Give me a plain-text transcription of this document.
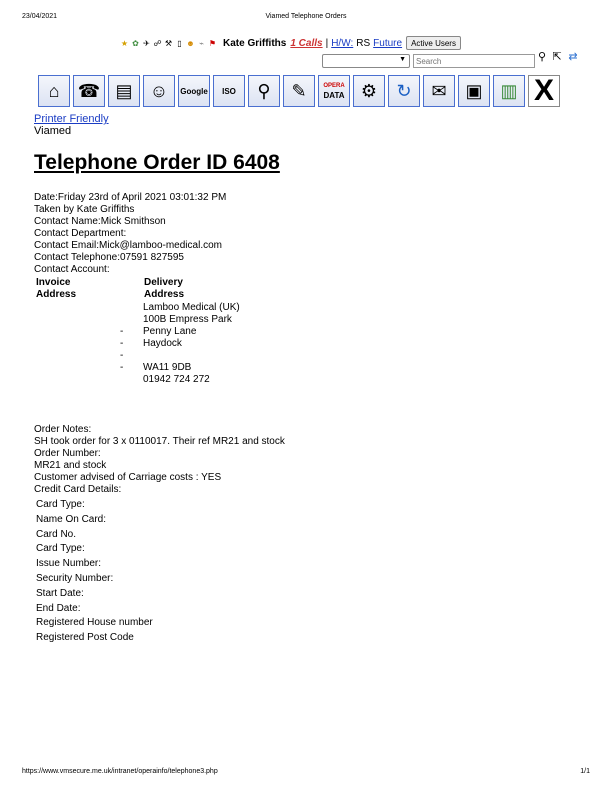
23/04/2021	Viamed Telephone Orders
★ ✿ ✈ ☍ ⚒ ▯ ☻ ⌁ ⚑ Kate Griffiths 1 Calls | H/W: RS Future	Active Users
▼
Search	⚲ ⇱ ⇄
⌂ ☎ ▤ ☺ Google ISO ⚲ ✎	OPERA
DATA ⚙ ↻ ✉ ▣ ▥ X
Printer Friendly
Viamed
Telephone Order ID 6408
Date:Friday 23rd of April 2021 03:01:32 PM
Taken by Kate Griffiths
Contact Name:Mick Smithson
Contact Department:
Contact Email:Mick@lamboo-medical.com
Contact Telephone:07591 827595
Contact Account:
Invoice Address
Delivery Address
-- --
Lamboo Medical (UK)
100B Empress Park
Penny Lane
Haydock
WA11 9DB
01942 724 272
Order Notes:
SH took order for 3 x 0110017. Their ref MR21 and stock
Order Number:
MR21 and stock
Customer advised of Carriage costs : YES
Credit Card Details:
Card Type:
Name On Card:
Card No.
Card Type:
Issue Number:
Security Number:
Start Date:
End Date:
Registered House number
Registered Post Code
https://www.vmsecure.me.uk/intranet/operainfo/telephone3.php	1/1
